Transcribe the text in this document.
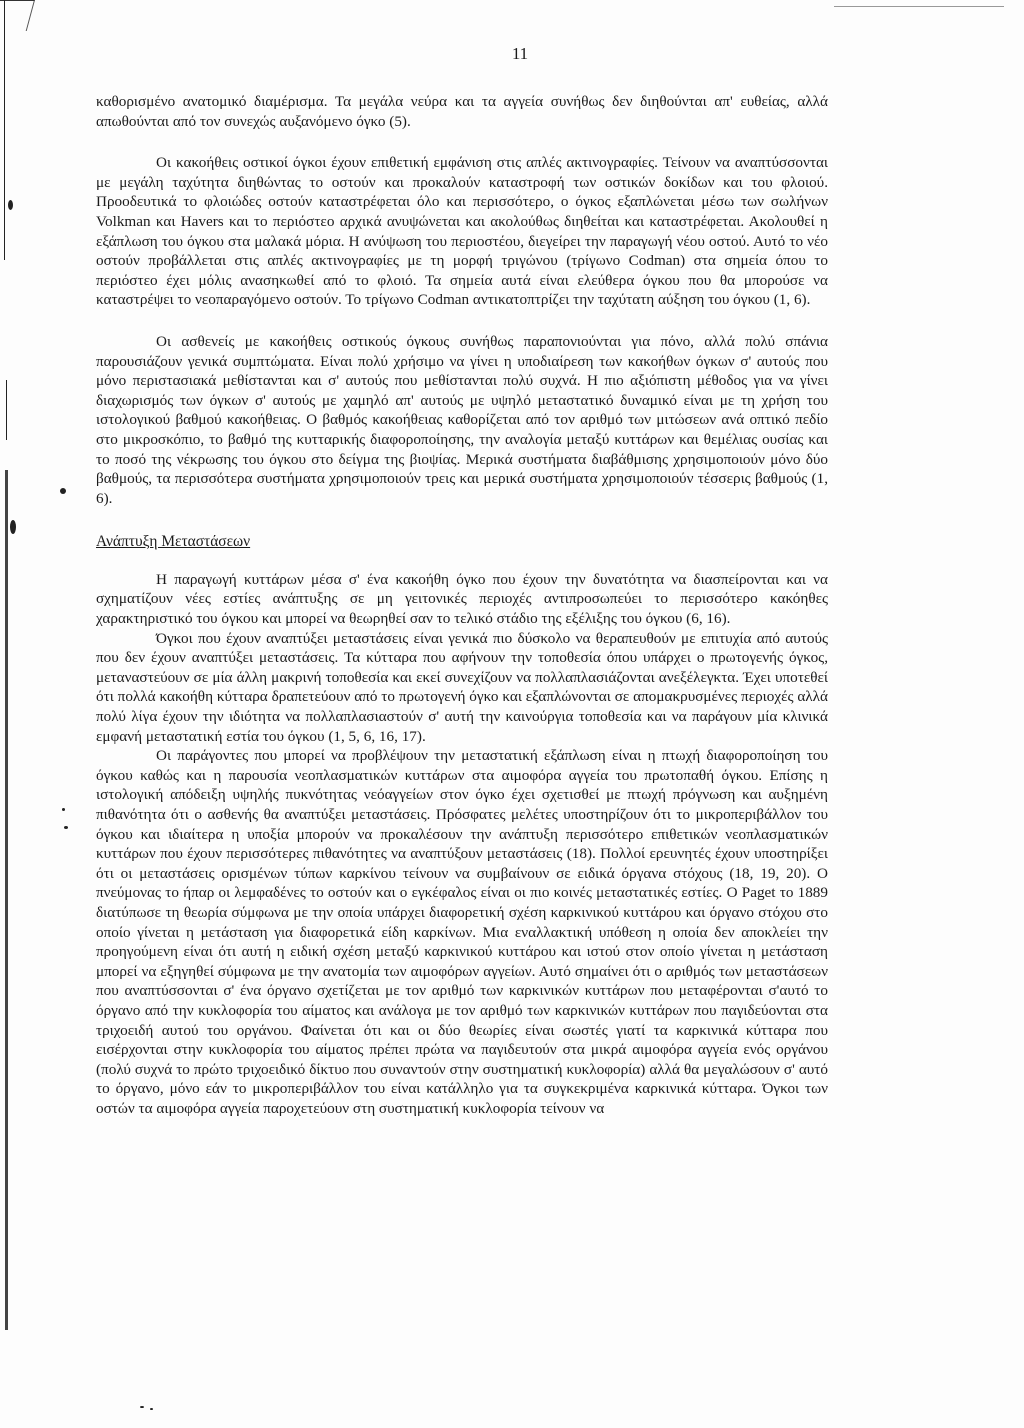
11

καθορισμένο ανατομικό διαμέρισμα. Τα μεγάλα νεύρα και τα αγγεία συνήθως δεν διηθούνται απ' ευθείας, αλλά απωθούνται από τον συνεχώς αυξανόμενο όγκο (5).

Οι κακοήθεις οστικοί όγκοι έχουν επιθετική εμφάνιση στις απλές ακτινογραφίες. Τείνουν να αναπτύσσονται με μεγάλη ταχύτητα διηθώντας το οστούν και προκαλούν καταστροφή των οστικών δοκίδων και του φλοιού. Προοδευτικά το φλοιώδες οστούν καταστρέφεται όλο και περισσότερο, ο όγκος εξαπλώνεται μέσω των σωλήνων Volkman και Havers και το περιόστεο αρχικά ανυψώνεται και ακολούθως διηθείται και καταστρέφεται. Ακολουθεί η εξάπλωση του όγκου στα μαλακά μόρια. Η ανύψωση του περιοστέου, διεγείρει την παραγωγή νέου οστού. Αυτό το νέο οστούν προβάλλεται στις απλές ακτινογραφίες με τη μορφή τριγώνου (τρίγωνο Codman) στα σημεία όπου το περιόστεο έχει μόλις ανασηκωθεί από το φλοιό. Τα σημεία αυτά είναι ελεύθερα όγκου που θα μπορούσε να καταστρέψει το νεοπαραγόμενο οστούν. Το τρίγωνο Codman αντικατοπτρίζει την ταχύτατη αύξηση του όγκου (1, 6).

Οι ασθενείς με κακοήθεις οστικούς όγκους συνήθως παραπονιούνται για πόνο, αλλά πολύ σπάνια παρουσιάζουν γενικά συμπτώματα. Είναι πολύ χρήσιμο να γίνει η υποδιαίρεση των κακοήθων όγκων σ' αυτούς που μόνο περιστασιακά μεθίστανται και σ' αυτούς που μεθίστανται πολύ συχνά. Η πιο αξιόπιστη μέθοδος για να γίνει διαχωρισμός των όγκων σ' αυτούς με χαμηλό απ' αυτούς με υψηλό μεταστατικό δυναμικό είναι με τη χρήση του ιστολογικού βαθμού κακοήθειας. Ο βαθμός κακοήθειας καθορίζεται από τον αριθμό των μιτώσεων ανά οπτικό πεδίο στο μικροσκόπιο, το βαθμό της κυτταρικής διαφοροποίησης, την αναλογία μεταξύ κυττάρων και θεμέλιας ουσίας και το ποσό της νέκρωσης του όγκου στο δείγμα της βιοψίας. Μερικά συστήματα διαβάθμισης χρησιμοποιούν μόνο δύο βαθμούς, τα περισσότερα συστήματα χρησιμοποιούν τρεις και μερικά συστήματα χρησιμοποιούν τέσσερις βαθμούς (1, 6).

Ανάπτυξη Μεταστάσεων

Η παραγωγή κυττάρων μέσα σ' ένα κακοήθη όγκο που έχουν την δυνατότητα να διασπείρονται και να σχηματίζουν νέες εστίες ανάπτυξης σε μη γειτονικές περιοχές αντιπροσωπεύει το περισσότερο κακόηθες χαρακτηριστικό του όγκου και μπορεί να θεωρηθεί σαν το τελικό στάδιο της εξέλιξης του όγκου (6, 16).

Όγκοι που έχουν αναπτύξει μεταστάσεις είναι γενικά πιο δύσκολο να θεραπευθούν με επιτυχία από αυτούς που δεν έχουν αναπτύξει μεταστάσεις. Τα κύτταρα που αφήνουν την τοποθεσία όπου υπάρχει ο πρωτογενής όγκος, μεταναστεύουν σε μία άλλη μακρινή τοποθεσία και εκεί συνεχίζουν να πολλαπλασιάζονται ανεξέλεγκτα. Έχει υποτεθεί ότι πολλά κακοήθη κύτταρα δραπετεύουν από το πρωτογενή όγκο και εξαπλώνονται σε απομακρυσμένες περιοχές αλλά πολύ λίγα έχουν την ιδιότητα να πολλαπλασιαστούν σ' αυτή την καινούργια τοποθεσία και να παράγουν μία κλινικά εμφανή μεταστατική εστία του όγκου (1, 5, 6, 16, 17).

Οι παράγοντες που μπορεί να προβλέψουν την μεταστατική εξάπλωση είναι η πτωχή διαφοροποίηση του όγκου καθώς και η παρουσία νεοπλασματικών κυττάρων στα αιμοφόρα αγγεία του πρωτοπαθή όγκου. Επίσης η ιστολογική απόδειξη υψηλής πυκνότητας νεόαγγείων στον όγκο έχει σχετισθεί με πτωχή πρόγνωση και αυξημένη πιθανότητα ότι ο ασθενής θα αναπτύξει μεταστάσεις. Πρόσφατες μελέτες υποστηρίζουν ότι το μικροπεριβάλλον του όγκου και ιδιαίτερα η υποξία μπορούν να προκαλέσουν την ανάπτυξη περισσότερο επιθετικών νεοπλασματικών κυττάρων που έχουν περισσότερες πιθανότητες να αναπτύξουν μεταστάσεις (18). Πολλοί ερευνητές έχουν υποστηρίξει ότι οι μεταστάσεις ορισμένων τύπων καρκίνου τείνουν να συμβαίνουν σε ειδικά όργανα στόχους (18, 19, 20). Ο πνεύμονας το ήπαρ οι λεμφαδένες το οστούν και ο εγκέφαλος είναι οι πιο κοινές μεταστατικές εστίες. Ο Paget το 1889 διατύπωσε τη θεωρία σύμφωνα με την οποία υπάρχει διαφορετική σχέση καρκινικού κυττάρου και όργανο στόχου στο οποίο γίνεται η μετάσταση για διαφορετικά είδη καρκίνων. Μια εναλλακτική υπόθεση η οποία δεν αποκλείει την προηγούμενη είναι ότι αυτή η ειδική σχέση μεταξύ καρκινικού κυττάρου και ιστού στον οποίο γίνεται η μετάσταση μπορεί να εξηγηθεί σύμφωνα με την ανατομία των αιμοφόρων αγγείων. Αυτό σημαίνει ότι ο αριθμός των μεταστάσεων που αναπτύσσονται σ' ένα όργανο σχετίζεται με τον αριθμό των καρκινικών κυττάρων που μεταφέρονται σ'αυτό το όργανο από την κυκλοφορία του αίματος και ανάλογα με τον αριθμό των καρκινικών κυττάρων που παγιδεύονται στα τριχοειδή αυτού του οργάνου. Φαίνεται ότι και οι δύο θεωρίες είναι σωστές γιατί τα καρκινικά κύτταρα που εισέρχονται στην κυκλοφορία του αίματος πρέπει πρώτα να παγιδευτούν στα μικρά αιμοφόρα αγγεία ενός οργάνου (πολύ συχνά το πρώτο τριχοειδικό δίκτυο που συναντούν στην συστηματική κυκλοφορία) αλλά θα μεγαλώσουν σ' αυτό το όργανο, μόνο εάν το μικροπεριβάλλον του είναι κατάλληλο για τα συγκεκριμένα καρκινικά κύτταρα. Όγκοι των οστών τα αιμοφόρα αγγεία παροχετεύουν στη συστηματική κυκλοφορία τείνουν να
